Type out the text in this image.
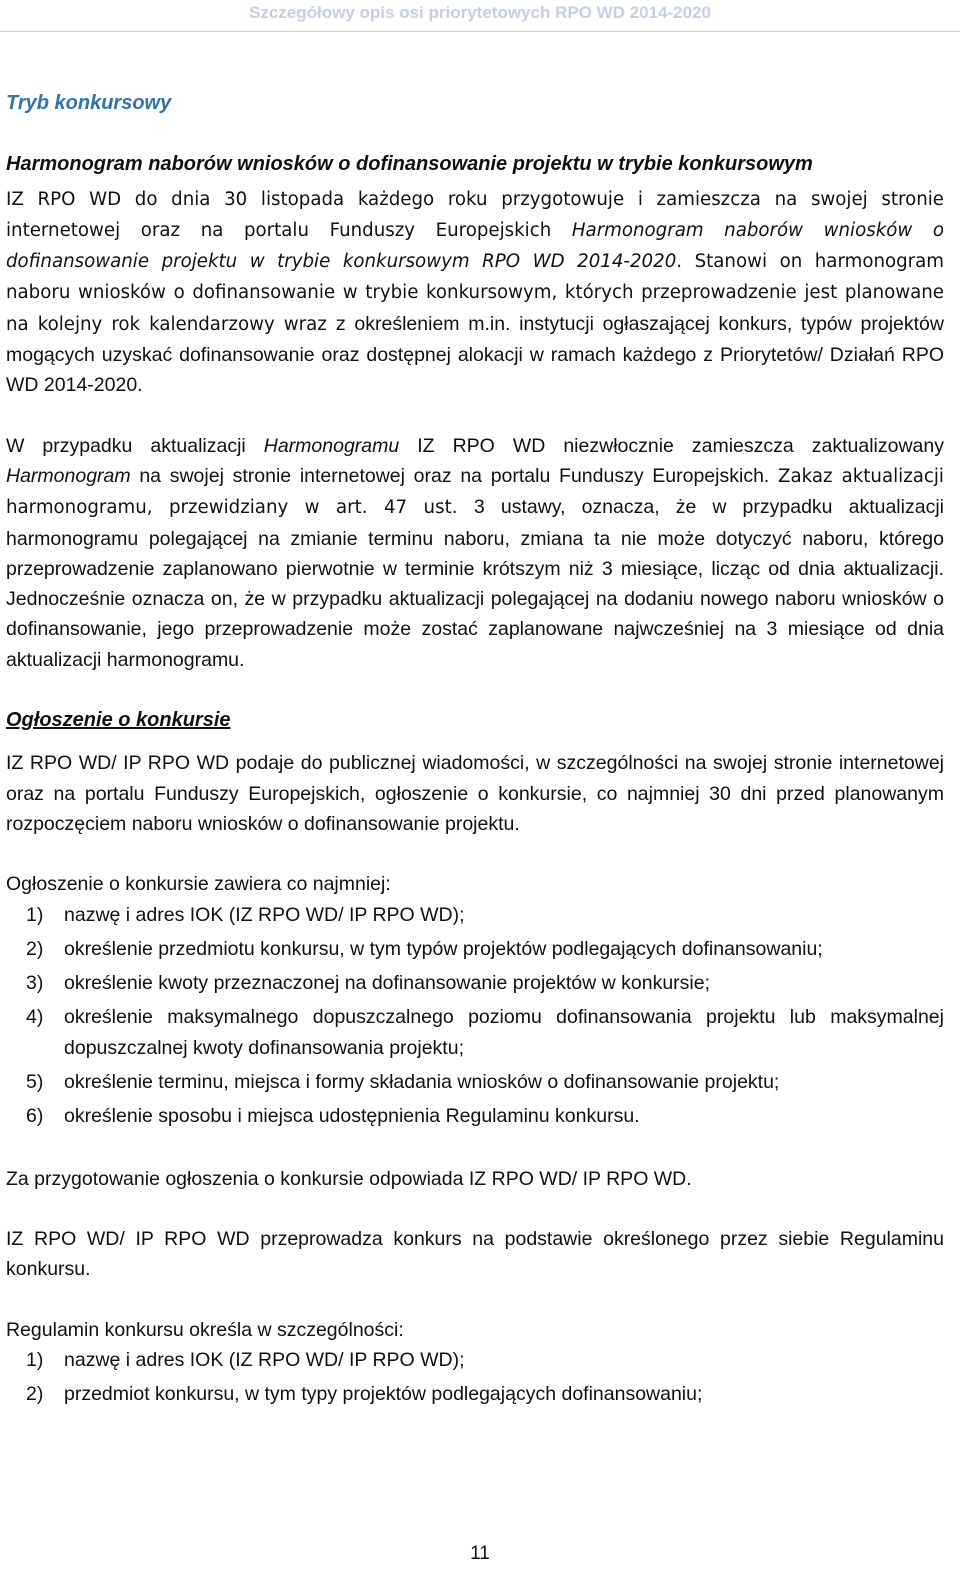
Szczegółowy opis osi priorytetowych RPO WD 2014-2020

Tryb konkursowy

Harmonogram naborów wniosków o dofinansowanie projektu w trybie konkursowym

IZ RPO WD do dnia 30 listopada każdego roku przygotowuje i zamieszcza na swojej stronie internetowej oraz na portalu Funduszy Europejskich Harmonogram naborów wniosków o dofinansowanie projektu w trybie konkursowym RPO WD 2014-2020. Stanowi on harmonogram naboru wniosków o dofinansowanie w trybie konkursowym, których przeprowadzenie jest planowane na kolejny rok kalendarzowy wraz z określeniem m.in. instytucji ogłaszającej konkurs, typów projektów mogących uzyskać dofinansowanie oraz dostępnej alokacji w ramach każdego z Priorytetów/ Działań RPO WD 2014-2020.

W przypadku aktualizacji Harmonogramu IZ RPO WD niezwłocznie zamieszcza zaktualizowany Harmonogram na swojej stronie internetowej oraz na portalu Funduszy Europejskich. Zakaz aktualizacji harmonogramu, przewidziany w art. 47 ust. 3 ustawy, oznacza, że w przypadku aktualizacji harmonogramu polegającej na zmianie terminu naboru, zmiana ta nie może dotyczyć naboru, którego przeprowadzenie zaplanowano pierwotnie w terminie krótszym niż 3 miesiące, licząc od dnia aktualizacji. Jednocześnie oznacza on, że w przypadku aktualizacji polegającej na dodaniu nowego naboru wniosków o dofinansowanie, jego przeprowadzenie może zostać zaplanowane najwcześniej na 3 miesiące od dnia aktualizacji harmonogramu.

Ogłoszenie o konkursie

IZ RPO WD/ IP RPO WD podaje do publicznej wiadomości, w szczególności na swojej stronie internetowej oraz na portalu Funduszy Europejskich, ogłoszenie o konkursie, co najmniej 30 dni przed planowanym rozpoczęciem naboru wniosków o dofinansowanie projektu.

Ogłoszenie o konkursie zawiera co najmniej:

1)	nazwę i adres IOK (IZ RPO WD/ IP RPO WD);
2)	określenie przedmiotu konkursu, w tym typów projektów podlegających dofinansowaniu;
3)	określenie kwoty przeznaczonej na dofinansowanie projektów w konkursie;
4)	określenie maksymalnego dopuszczalnego poziomu dofinansowania projektu lub maksymalnej dopuszczalnej kwoty dofinansowania projektu;
5)	określenie terminu, miejsca i formy składania wniosków o dofinansowanie projektu;
6)	określenie sposobu i miejsca udostępnienia Regulaminu konkursu.

Za przygotowanie ogłoszenia o konkursie odpowiada IZ RPO WD/ IP RPO WD.

IZ RPO WD/ IP RPO WD przeprowadza konkurs na podstawie określonego przez siebie Regulaminu konkursu.

Regulamin konkursu określa w szczególności:

1)	nazwę i adres IOK (IZ RPO WD/ IP RPO WD);
2)	przedmiot konkursu, w tym typy projektów podlegających dofinansowaniu;
11
